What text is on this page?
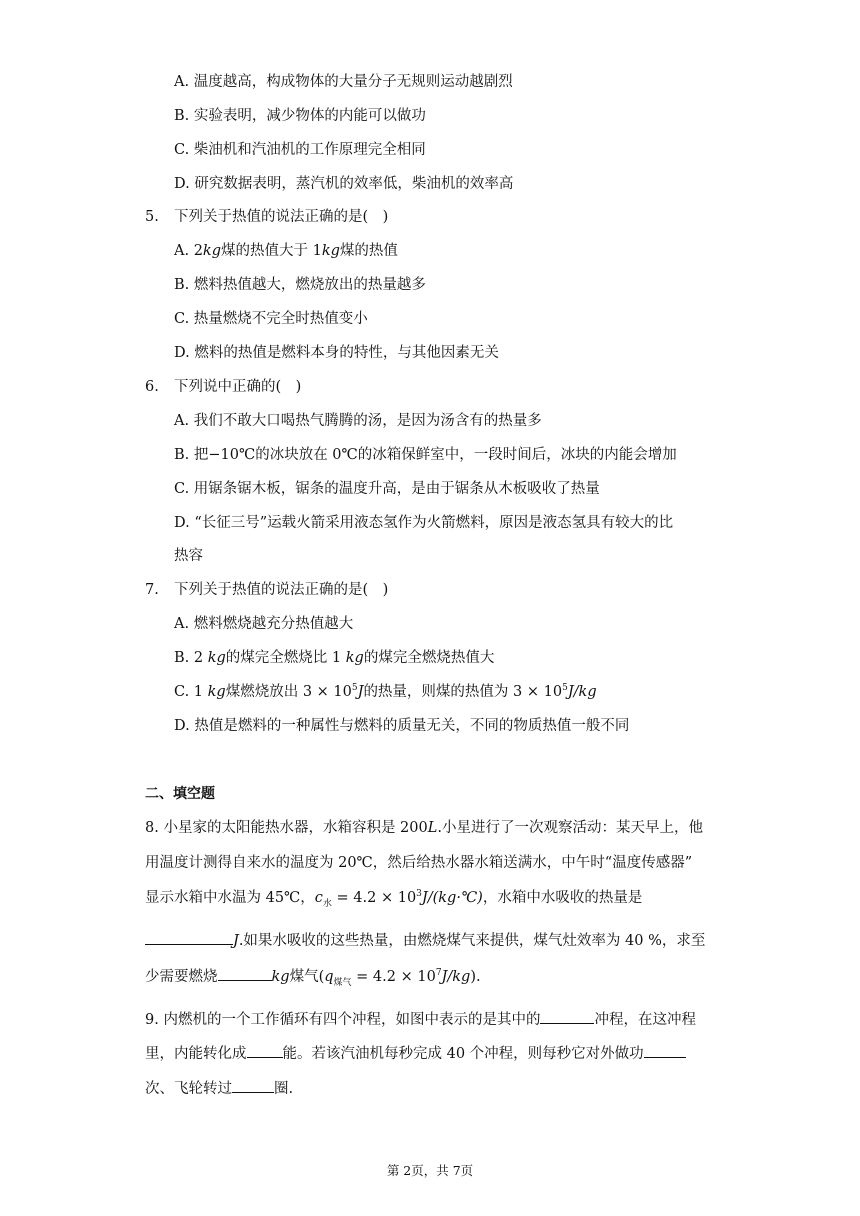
A. 温度越高，构成物体的大量分子无规则运动越剧烈
B. 实验表明，减少物体的内能可以做功
C. 柴油机和汽油机的工作原理完全相同
D. 研究数据表明，蒸汽机的效率低，柴油机的效率高
5. 下列关于热值的说法正确的是(　)
A. 2kg煤的热值大于 1kg煤的热值
B. 燃料热值越大，燃烧放出的热量越多
C. 热量燃烧不完全时热值变小
D. 燃料的热值是燃料本身的特性，与其他因素无关
6. 下列说中正确的(　)
A. 我们不敢大口喝热气腾腾的汤，是因为汤含有的热量多
B. 把−10℃的冰块放在 0℃的冰箱保鲜室中，一段时间后，冰块的内能会增加
C. 用锯条锯木板，锯条的温度升高，是由于锯条从木板吸收了热量
D. “长征三号”运载火箭采用液态氢作为火箭燃料，原因是液态氢具有较大的比
热容
7. 下列关于热值的说法正确的是(　)
A. 燃料燃烧越充分热值越大
B. 2 kg的煤完全燃烧比 1 kg的煤完全燃烧热值大
C. 1 kg煤燃烧放出 $3 \times 10^5J$的热量，则煤的热值为 $3 \times 10^5J/kg$
D. 热值是燃料的一种属性与燃料的质量无关，不同的物质热值一般不同
二、填空题
8. 小星家的太阳能热水器，水箱容积是 200L.小星进行了一次观察活动：某天早上，他
用温度计测得自来水的温度为 20℃，然后给热水器水箱送满水，中午时“温度传感器”
显示水箱中水温为 45℃，$c_水 = 4.2$ × $10^3J/(kg\cdot℃)$，水箱中水吸收的热量是
J.如果水吸收的这些热量，由燃烧煤气来提供，煤气灶效率为 40 %，求至
少需要燃烧	kg煤气$(q_{煤气} = 4.2 \times 10^7J/kg)$.
9. 内燃机的一个工作循环有四个冲程，如图中表示的是其中的	冲程，在这冲程
里，内能转化成 能。若该汽油机每秒完成 40 个冲程，则每秒它对外做功
次、飞轮转过	圈.
第 2页，共 7页
